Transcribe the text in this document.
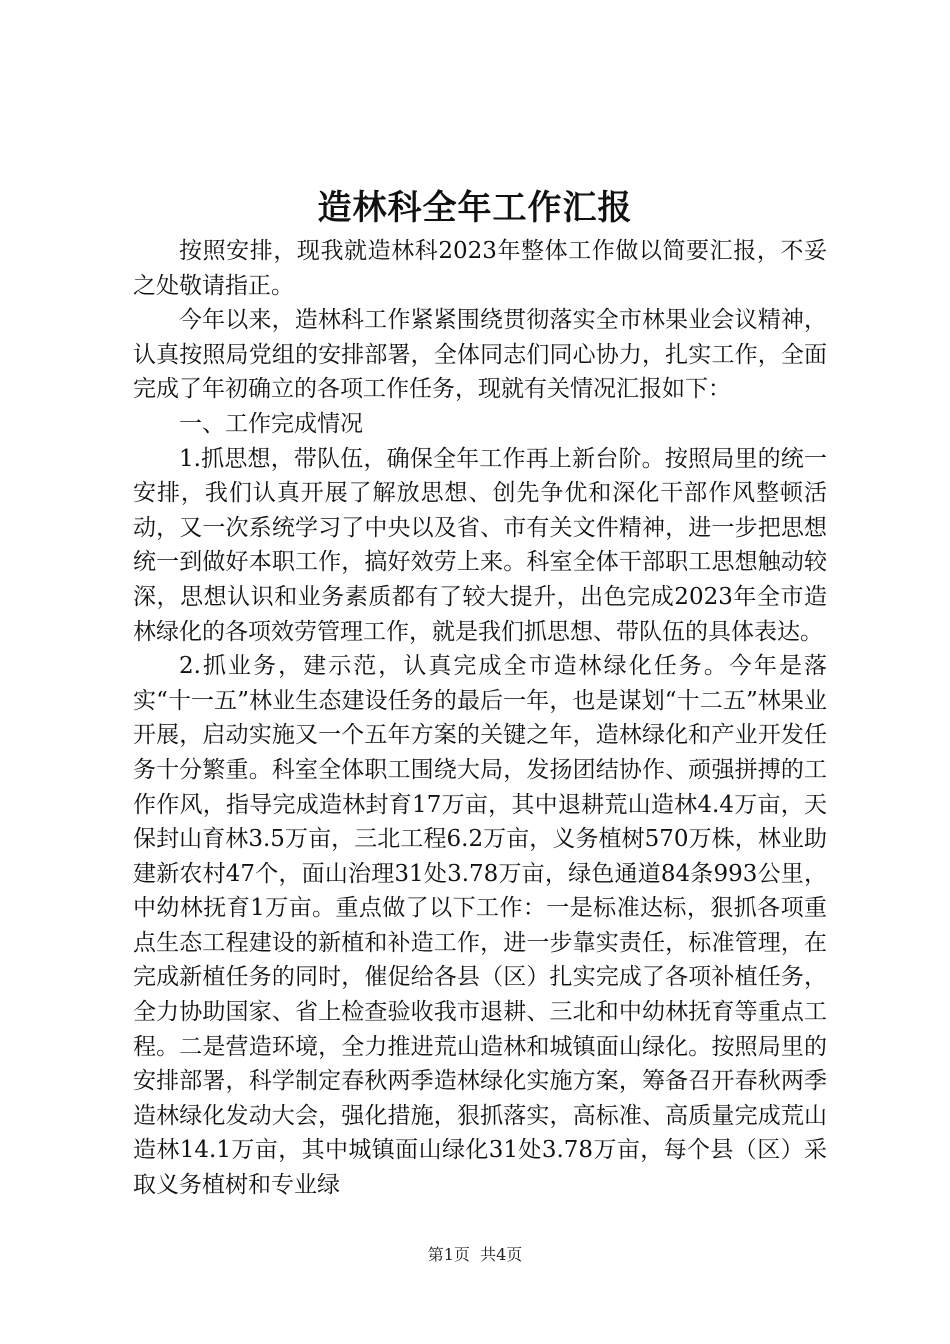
造林科全年工作汇报

按照安排，现我就造林科2023年整体工作做以简要汇报，不妥之处敬请指正。

今年以来，造林科工作紧紧围绕贯彻落实全市林果业会议精神，认真按照局党组的安排部署，全体同志们同心协力，扎实工作，全面完成了年初确立的各项工作任务，现就有关情况汇报如下：

一、工作完成情况

1.抓思想，带队伍，确保全年工作再上新台阶。按照局里的统一安排，我们认真开展了解放思想、创先争优和深化干部作风整顿活动，又一次系统学习了中央以及省、市有关文件精神，进一步把思想统一到做好本职工作，搞好效劳上来。科室全体干部职工思想触动较深，思想认识和业务素质都有了较大提升，出色完成2023年全市造林绿化的各项效劳管理工作，就是我们抓思想、带队伍的具体表达。

2.抓业务，建示范，认真完成全市造林绿化任务。今年是落实“十一五”林业生态建设任务的最后一年，也是谋划“十二五”林果业开展，启动实施又一个五年方案的关键之年，造林绿化和产业开发任务十分繁重。科室全体职工围绕大局，发扬团结协作、顽强拼搏的工作作风，指导完成造林封育17万亩，其中退耕荒山造林4.4万亩，天保封山育林3.5万亩，三北工程6.2万亩，义务植树570万株，林业助建新农村47个，面山治理31处3.78万亩，绿色通道84条993公里，中幼林抚育1万亩。重点做了以下工作：一是标准达标，狠抓各项重点生态工程建设的新植和补造工作，进一步靠实责任，标准管理，在完成新植任务的同时，催促给各县（区）扎实完成了各项补植任务，全力协助国家、省上检查验收我市退耕、三北和中幼林抚育等重点工程。二是营造环境，全力推进荒山造林和城镇面山绿化。按照局里的安排部署，科学制定春秋两季造林绿化实施方案，筹备召开春秋两季造林绿化发动大会，强化措施，狠抓落实，高标准、高质量完成荒山造林14.1万亩，其中城镇面山绿化31处3.78万亩，每个县（区）采取义务植树和专业绿

第1页  共4页
